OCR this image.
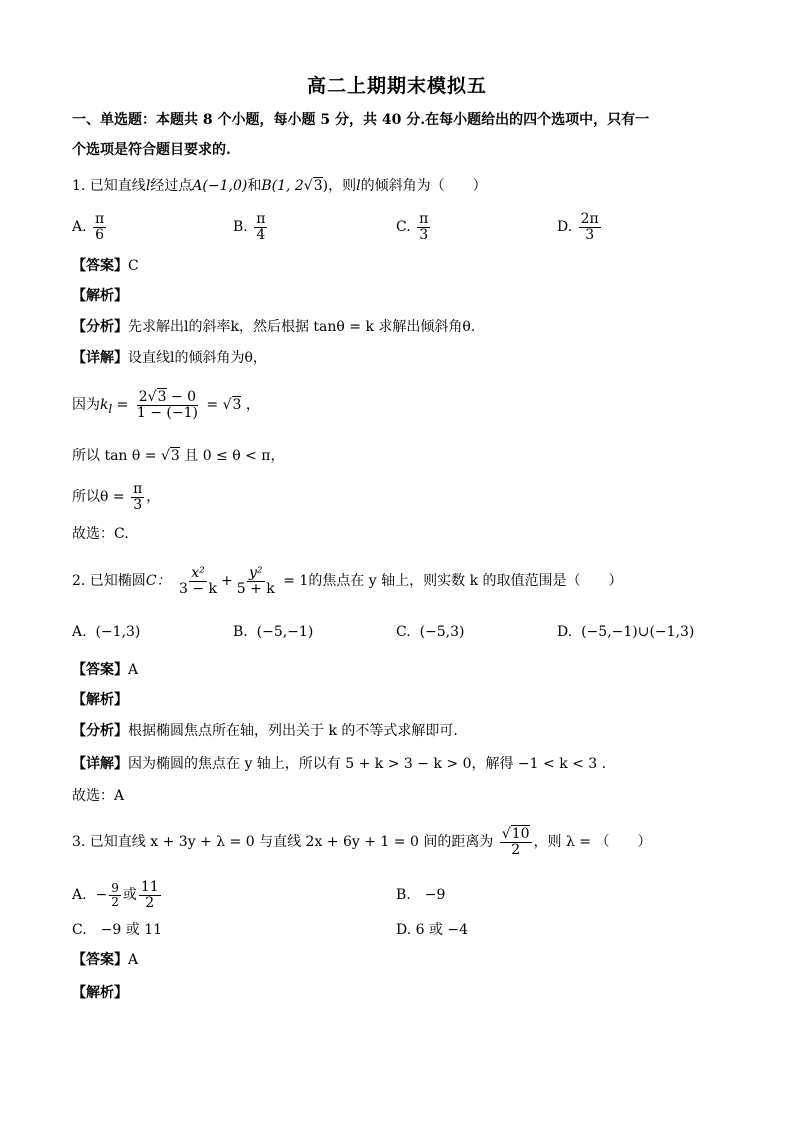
高二上期期末模拟五
一、单选题：本题共 8 个小题，每小题 5 分，共 40 分.在每小题给出的四个选项中，只有一
个选项是符合题目要求的.
1. 已知直线l经过点A(−1,0)和B(1, 2√3)，则l的倾斜角为（　　）
A. $\frac{\pi}{6}$	B. $\frac{\pi}{4}$	C. $\frac{\pi}{3}$	D. $\frac{2\pi}{3}$
【答案】C
【解析】
【分析】先求解出l的斜率k，然后根据 tanθ = k 求解出倾斜角θ.
【详解】设直线l的倾斜角为θ，
因为$k_l = \frac{2√3 - 0}{1 - (-1)} = √3$ ，
所以 tan θ = √3 且 0 ≤ θ < π，
所以$\theta = \frac{\pi}{3}$ ，
故选：C.
2. 已知椭圆C： $\frac{\text{x²}}{3 - k} + \frac{\text{y²}}{5 + k} = 1$的焦点在 y 轴上，则实数 k 的取值范围是（　　）
A. (−1,3)	B. (−5,−1)	C. (−5,3)	D. (−5,−1)∪(−1,3)
【答案】A
【解析】
【分析】根据椭圆焦点所在轴，列出关于 k 的不等式求解即可.
【详解】因为椭圆的焦点在 y 轴上，所以有 5 + k > 3 − k > 0，解得 −1 < k < 3 .
故选：A
3. 已知直线 x + 3y + λ = 0 与直线 2x + 6y + 1 = 0 间的距离为 $\frac{√10}{2}$ ，则 λ = （　　）
A. − $\frac{9}{2}$ 或 $\frac{11}{2}$	B.　−9
C.　−9 或 11	D. 6 或 −4
【答案】A
【解析】
